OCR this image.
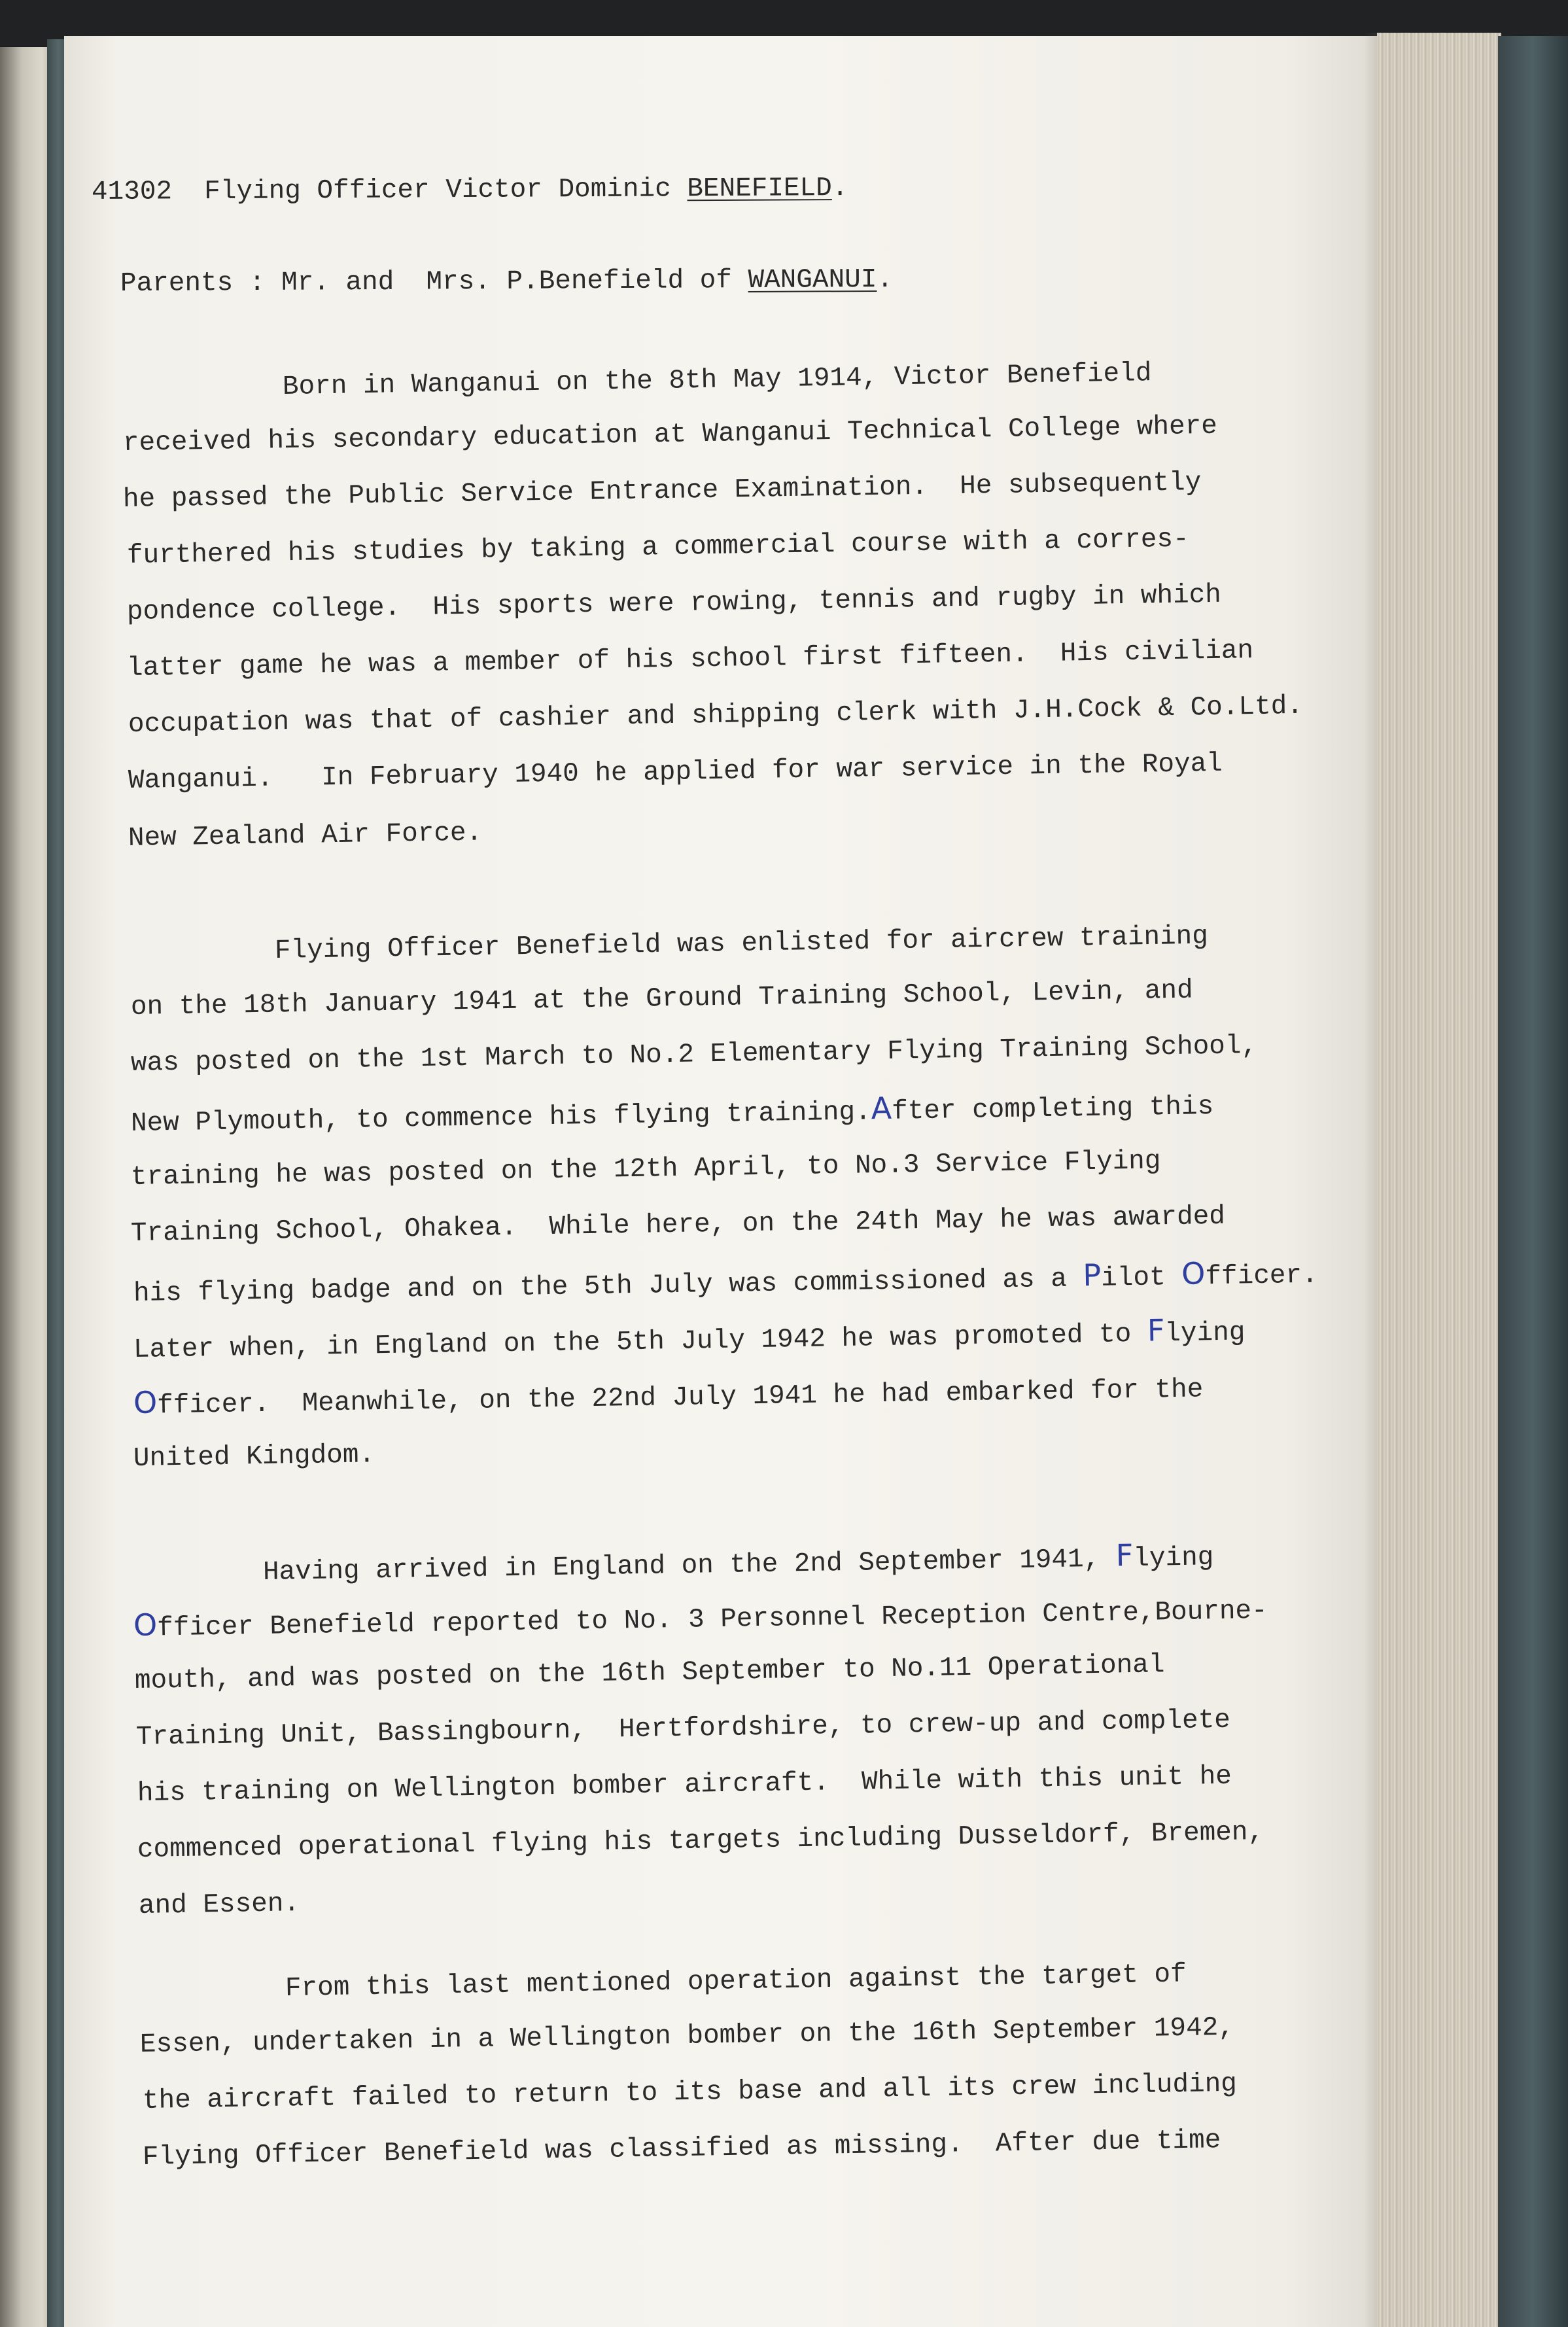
41302 Flying Officer Victor Dominic BENEFIELD.

Parents : Mr. and  Mrs. P.Benefield of WANGANUI.

Born in Wanganui on the 8th May 1914, Victor Benefield

received his secondary education at Wanganui Technical College where

he passed the Public Service Entrance Examination.  He subsequently

furthered his studies by taking a commercial course with a corres-

pondence college.  His sports were rowing, tennis and rugby in which

latter game he was a member of his school first fifteen.  His civilian

occupation was that of cashier and shipping clerk with J.H.Cock & Co.Ltd.

Wanganui.   In February 1940 he applied for war service in the Royal

New Zealand Air Force.

Flying Officer Benefield was enlisted for aircrew training

on the 18th January 1941 at the Ground Training School, Levin, and

was posted on the 1st March to No.2 Elementary Flying Training School,

New Plymouth, to commence his flying training.After completing this

training he was posted on the 12th April, to No.3 Service Flying

Training School, Ohakea.  While here, on the 24th May he was awarded

his flying badge and on the 5th July was commissioned as a Pilot Officer.

Later when, in England on the 5th July 1942 he was promoted to Flying

Officer.  Meanwhile, on the 22nd July 1941 he had embarked for the

United Kingdom.

Having arrived in England on the 2nd September 1941, Flying

Officer Benefield reported to No. 3 Personnel Reception Centre,Bourne-

mouth, and was posted on the 16th September to No.11 Operational

Training Unit, Bassingbourn,  Hertfordshire, to crew-up and complete

his training on Wellington bomber aircraft.  While with this unit he

commenced operational flying his targets including Dusseldorf, Bremen,

and Essen.

From this last mentioned operation against the target of

Essen, undertaken in a Wellington bomber on the 16th September 1942,

the aircraft failed to return to its base and all its crew including

Flying Officer Benefield was classified as missing.  After due time
